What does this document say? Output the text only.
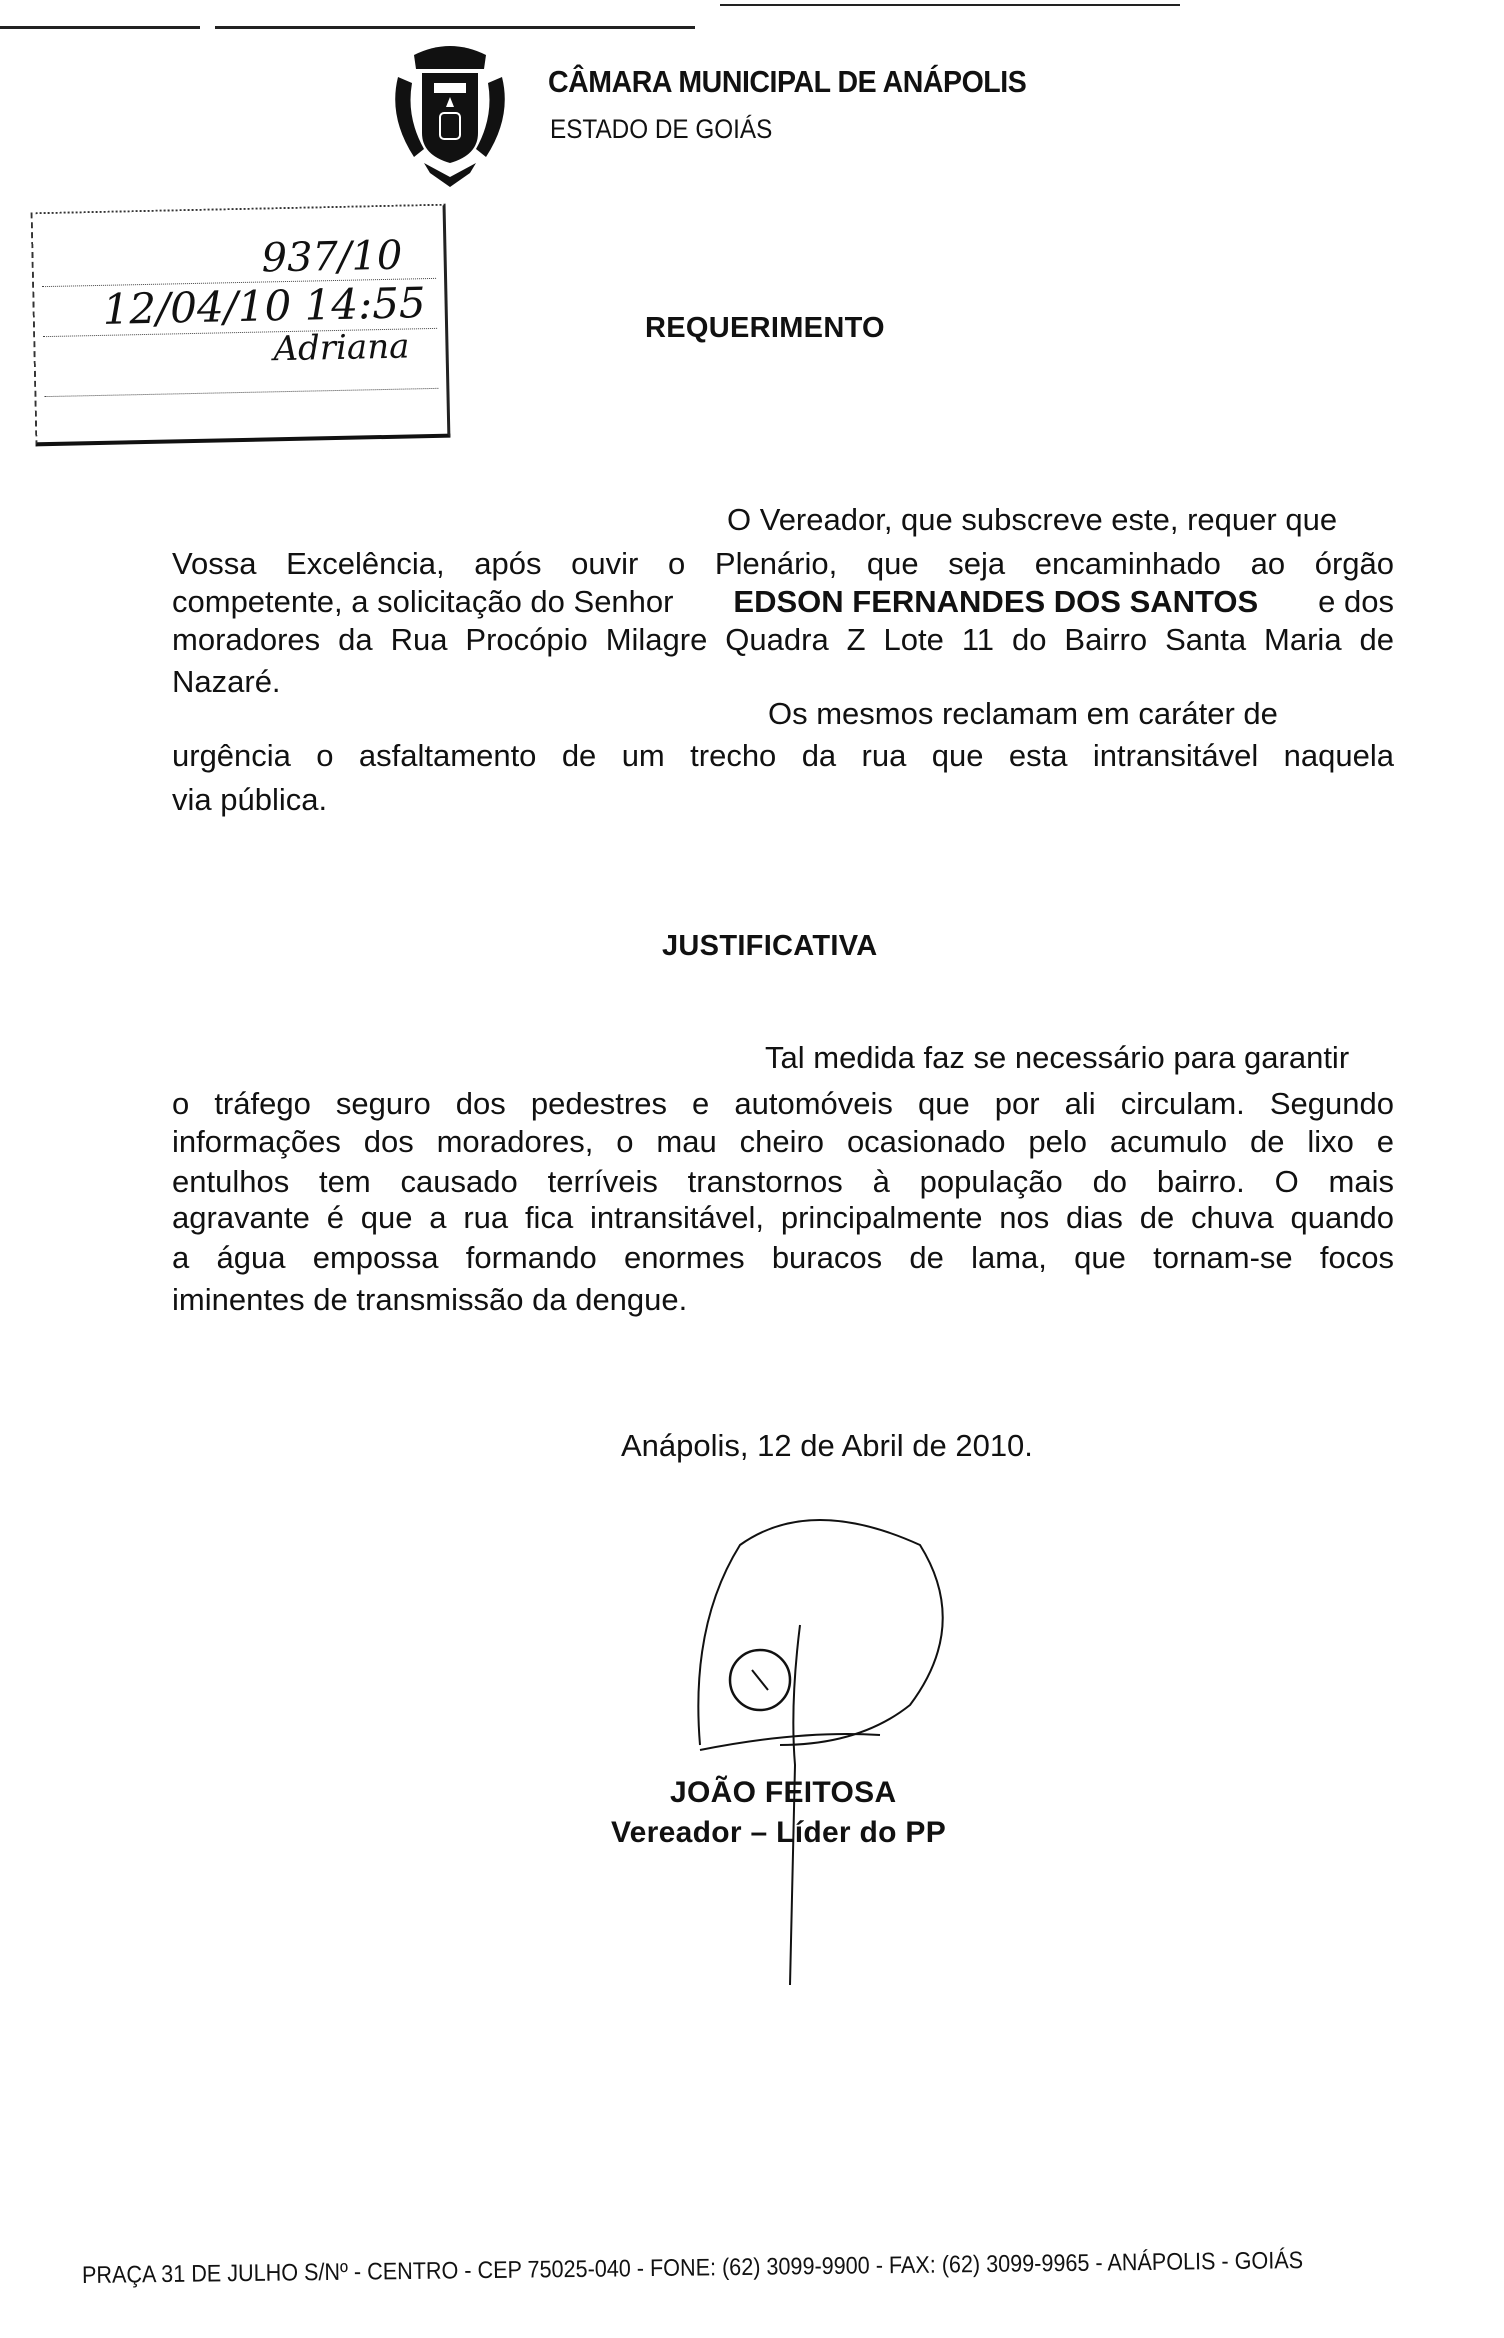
CÂMARA MUNICIPAL DE ANÁPOLIS
ESTADO DE GOIÁS
937/10
12/04/10 14:55
Adriana	REQUERIMENTO
O Vereador, que subscreve este, requer que
Vossa Excelência, após ouvir o Plenário, que seja encaminhado ao órgão
competente, a solicitação do Senhor EDSON FERNANDES DOS SANTOS e dos
moradores da Rua Procópio Milagre Quadra Z Lote 11 do Bairro Santa Maria de
Nazaré.
Os mesmos reclamam em caráter de
urgência o asfaltamento de um trecho da rua que esta intransitável naquela
via pública.
JUSTIFICATIVA
Tal medida faz se necessário para garantir
o tráfego seguro dos pedestres e automóveis que por ali circulam. Segundo
informações dos moradores, o mau cheiro ocasionado pelo acumulo de lixo e
entulhos tem causado terríveis transtornos à população do bairro. O mais
agravante é que a rua fica intransitável, principalmente nos dias de chuva quando
a água empossa formando enormes buracos de lama, que tornam-se focos
iminentes de transmissão da dengue.
Anápolis, 12 de Abril de 2010.
JOÃO FEITOSA
Vereador – Líder do PP
PRAÇA 31 DE JULHO S/Nº - CENTRO - CEP 75025-040 - FONE: (62) 3099-9900 - FAX: (62) 3099-9965 - ANÁPOLIS - GOIÁS
